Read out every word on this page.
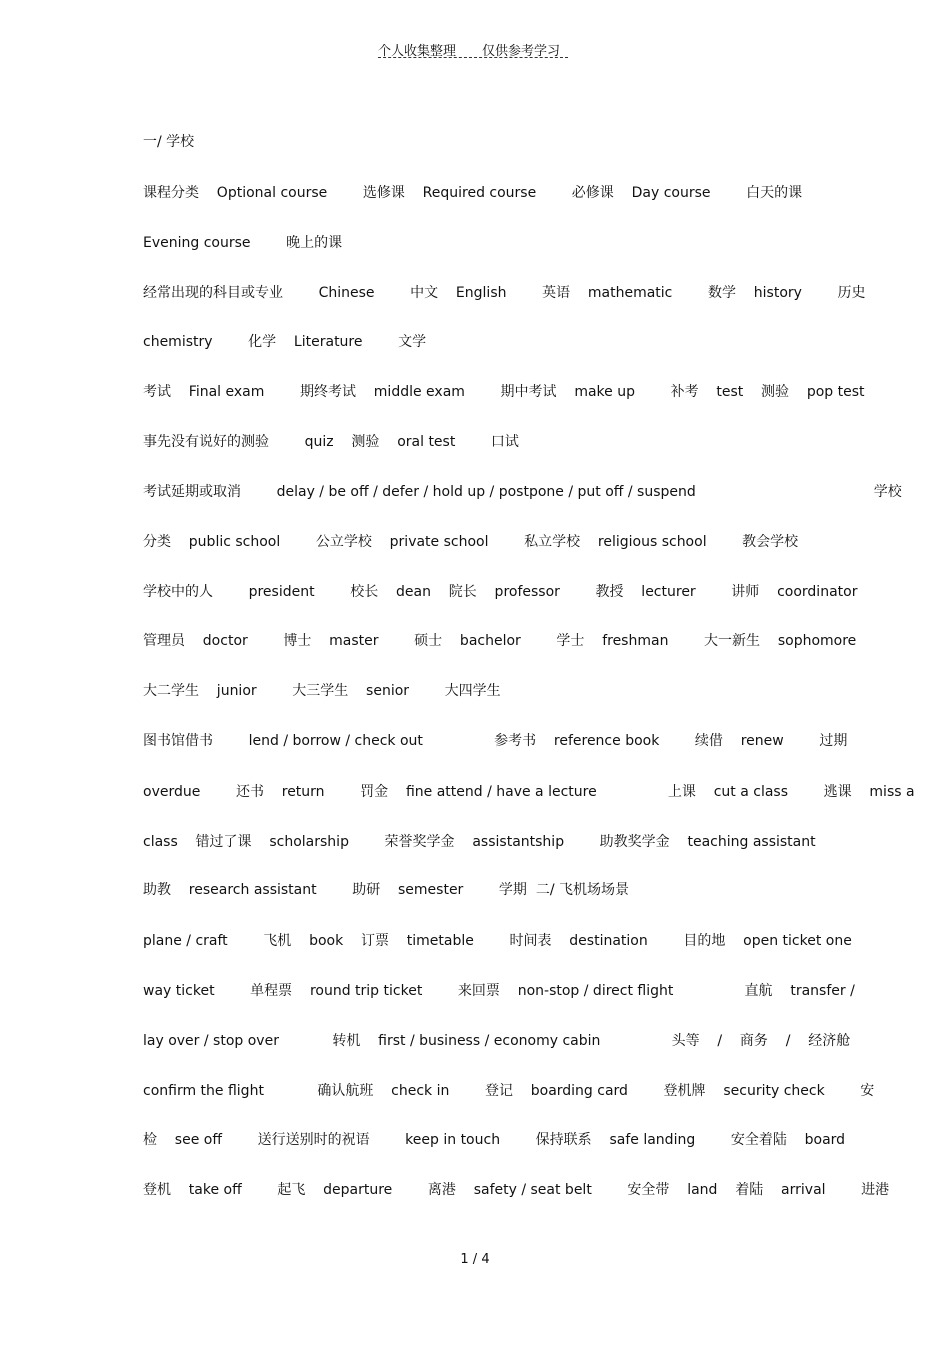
个人收集整理 仅供参考学习
一/ 学校
课程分类    Optional course        选修课    Required course        必修课    Day course        白天的课
Evening course        晚上的课
经常出现的科目或专业        Chinese        中文    English        英语    mathematic        数学    history        历史
chemistry        化学    Literature        文学
考试    Final exam        期终考试    middle exam        期中考试    make up        补考    test    测验    pop test
事先没有说好的测验        quiz    测验    oral test        口试
考试延期或取消        delay / be off / defer / hold up / postpone / put off / suspend                                        学校
分类    public school        公立学校    private school        私立学校    religious school        教会学校
学校中的人        president        校长    dean    院长    professor        教授    lecturer        讲师    coordinator
管理员    doctor        博士    master        硕士    bachelor        学士    freshman        大一新生    sophomore
大二学生    junior        大三学生    senior        大四学生
图书馆借书        lend / borrow / check out                参考书    reference book        续借    renew        过期
overdue        还书    return        罚金    fine attend / have a lecture                上课    cut a class        逃课    miss a
class    错过了课    scholarship        荣誉奖学金    assistantship        助教奖学金    teaching assistant
助教    research assistant        助研    semester        学期  二/ 飞机场场景
plane / craft        飞机    book    订票    timetable        时间表    destination        目的地    open ticket one
way ticket        单程票    round trip ticket        来回票    non-stop / direct flight                直航    transfer /
lay over / stop over            转机    first / business / economy cabin                头等    /    商务    /    经济舱
confirm the flight            确认航班    check in        登记    boarding card        登机牌    security check        安
检    see off        送行送别时的祝语        keep in touch        保持联系    safe landing        安全着陆    board
登机    take off        起飞    departure        离港    safety / seat belt        安全带    land    着陆    arrival        进港
1 / 4
